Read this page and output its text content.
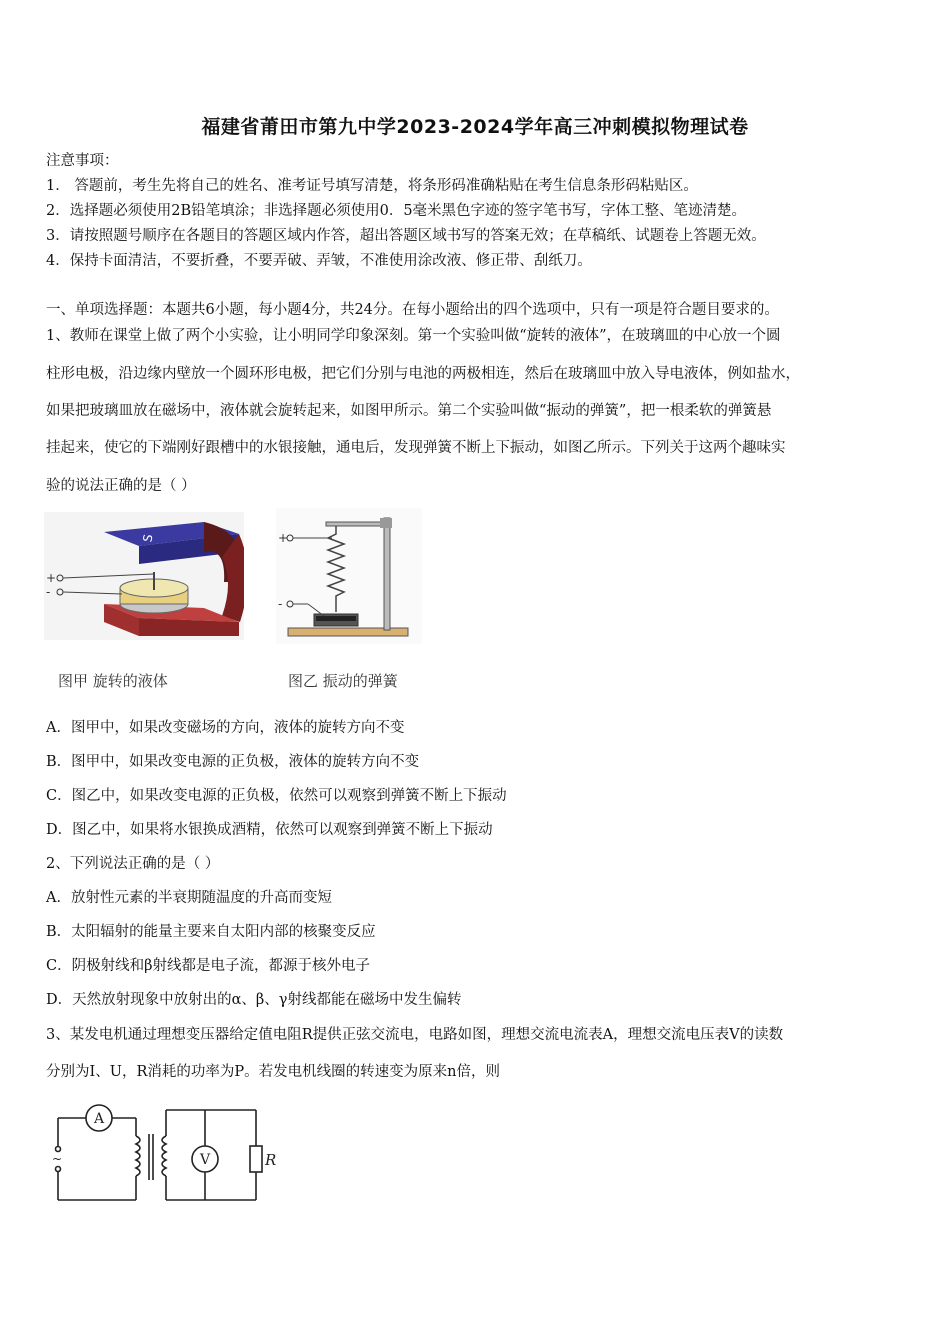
福建省莆田市第九中学2023-2024学年高三冲刺模拟物理试卷
注意事项：
1． 答题前，考生先将自己的姓名、准考证号填写清楚，将条形码准确粘贴在考生信息条形码粘贴区。
2．选择题必须使用2B铅笔填涂；非选择题必须使用0．5毫米黑色字迹的签字笔书写，字体工整、笔迹清楚。
3．请按照题号顺序在各题目的答题区域内作答，超出答题区域书写的答案无效；在草稿纸、试题卷上答题无效。
4．保持卡面清洁，不要折叠，不要弄破、弄皱，不准使用涂改液、修正带、刮纸刀。
一、单项选择题：本题共6小题，每小题4分，共24分。在每小题给出的四个选项中，只有一项是符合题目要求的。
1、教师在课堂上做了两个小实验，让小明同学印象深刻。第一个实验叫做“旋转的液体”，在玻璃皿的中心放一个圆
柱形电极，沿边缘内壁放一个圆环形电极，把它们分别与电池的两极相连，然后在玻璃皿中放入导电液体，例如盐水，
如果把玻璃皿放在磁场中，液体就会旋转起来，如图甲所示。第二个实验叫做“振动的弹簧”，把一根柔软的弹簧悬
挂起来，使它的下端刚好跟槽中的水银接触，通电后，发现弹簧不断上下振动，如图乙所示。下列关于这两个趣味实
验的说法正确的是（ ）
+
-
S	+
-
图甲 旋转的液体	图乙 振动的弹簧
A．图甲中，如果改变磁场的方向，液体的旋转方向不变
B．图甲中，如果改变电源的正负极，液体的旋转方向不变
C．图乙中，如果改变电源的正负极，依然可以观察到弹簧不断上下振动
D．图乙中，如果将水银换成酒精，依然可以观察到弹簧不断上下振动
2、下列说法正确的是（ ）
A．放射性元素的半衰期随温度的升高而变短
B．太阳辐射的能量主要来自太阳内部的核聚变反应
C．阴极射线和β射线都是电子流，都源于核外电子
D．天然放射现象中放射出的α、β、γ射线都能在磁场中发生偏转
3、某发电机通过理想变压器给定值电阻R提供正弦交流电，电路如图，理想交流电流表A，理想交流电压表V的读数
分别为I、U，R消耗的功率为P。若发电机线圈的转速变为原来n倍，则
A
V	R
~
